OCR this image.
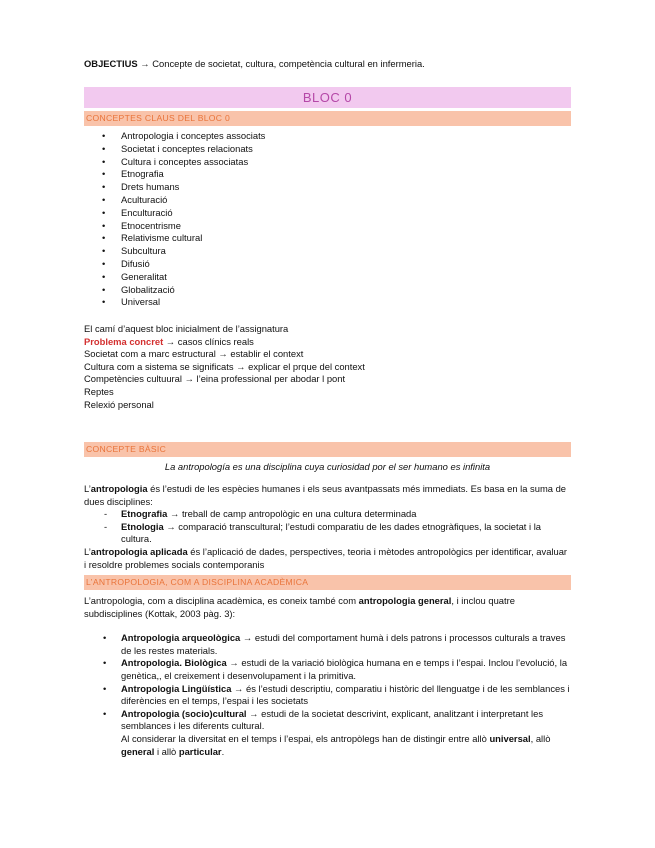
OBJECTIUS → Concepte de societat, cultura, competència cultural en infermeria.
BLOC 0
CONCEPTES CLAUS DEL BLOC 0
• Antropologia i conceptes associats
• Societat i conceptes relacionats
• Cultura i conceptes associatas
• Etnografia
• Drets humans
• Aculturació
• Enculturació
• Etnocentrisme
• Relativisme cultural
• Subcultura
• Difusió
• Generalitat
• Globalització
• Universal
El camí d’aquest bloc inicialment de l’assignatura
Problema concret → casos clínics reals
Societat com a marc estructural → establir el context
Cultura com a sistema se significats → explicar el prque del context
Competències cultuural → l’eina professional per abodar l pont
Reptes
Relexió personal
CONCEPTE BÀSIC
La antropología es una disciplina cuya curiosidad por el ser humano es infinita
L’antropologia és l’estudi de les espècies humanes i els seus avantpassats més immediats. Es basa en la suma de dues disciplines:
- Etnografia → treball de camp antropològic en una cultura determinada
- Etnologia → comparació transcultural; l’estudi comparatiu de les dades etnogràfiques, la societat i la cultura.
L’antropologia aplicada és l’aplicació de dades, perspectives, teoria i mètodes antropològics per identificar, avaluar i resoldre problemes socials contemporanis
L’ANTROPOLOGIA, COM A DISCIPLINA ACADÈMICA
L’antropologia, com a disciplina acadèmica, es coneix també com antropologia general, i inclou quatre subdisciplines (Kottak, 2003 pàg. 3):
• Antropologia arqueològica → estudi del comportament humà i dels patrons i processos culturals a traves de les restes materials.
• Antropologia. Biològica → estudi de la variació biològica humana en e temps i l’espai. Inclou l’evolució, la genètica,, el creixement i desenvolupament i la primitiva.
• Antropologia Lingüística → és l’estudi descriptiu, comparatiu i històric del llenguatge i de les semblances i diferències en el temps, l’espai i les societats
• Antropologia (socio)cultural → estudi de la societat descrivint, explicant, analitzant i interpretant les semblances i les diferents cultural.
Al considerar la diversitat en el temps i l’espai, els antropòlegs han de distingir entre allò universal, allò general i allò particular.
